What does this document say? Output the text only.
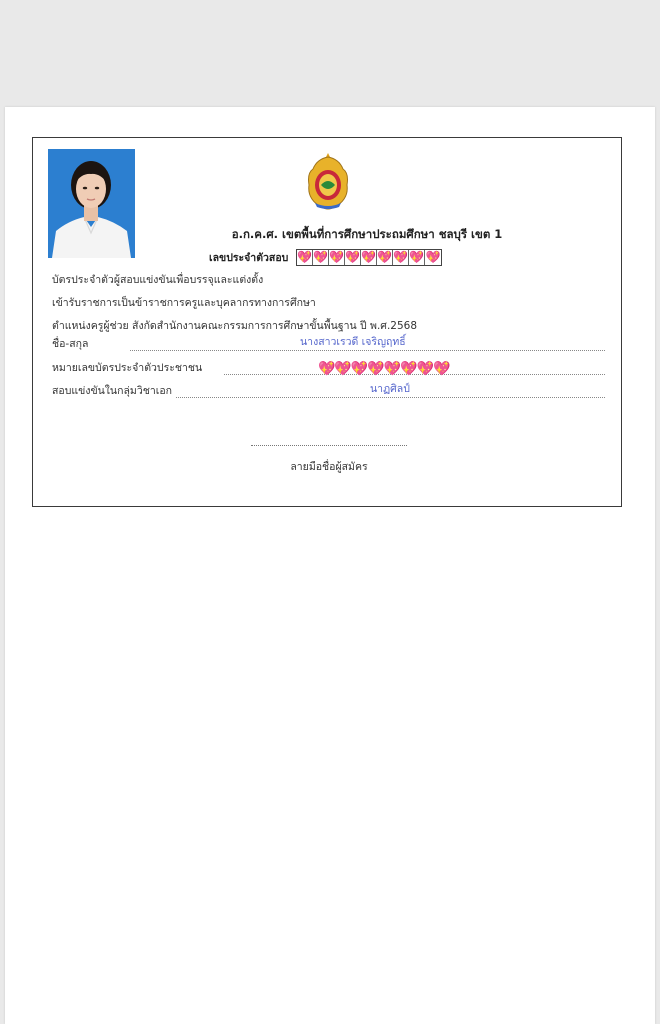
อ.ก.ค.ศ. เขตพื้นที่การศึกษาประถมศึกษา ชลบุรี เขต 1
เลขประจำตัวสอบ 💖 💖 💖 💖 💖 💖 💖 💖 💖
บัตรประจำตัวผู้สอบแข่งขันเพื่อบรรจุและแต่งตั้ง
เข้ารับราชการเป็นข้าราชการครูและบุคลากรทางการศึกษา
ตำแหน่งครูผู้ช่วย สังกัดสำนักงานคณะกรรมการการศึกษาขั้นพื้นฐาน ปี พ.ศ.2568
ชื่อ-สกุล	นางสาวเรวดี เจริญฤทธิ์
หมายเลขบัตรประจำตัวประชาชน	💖💖💖💖💖💖💖💖
สอบแข่งขันในกลุ่มวิชาเอก	นาฏศิลป์
ลายมือชื่อผู้สมัคร
